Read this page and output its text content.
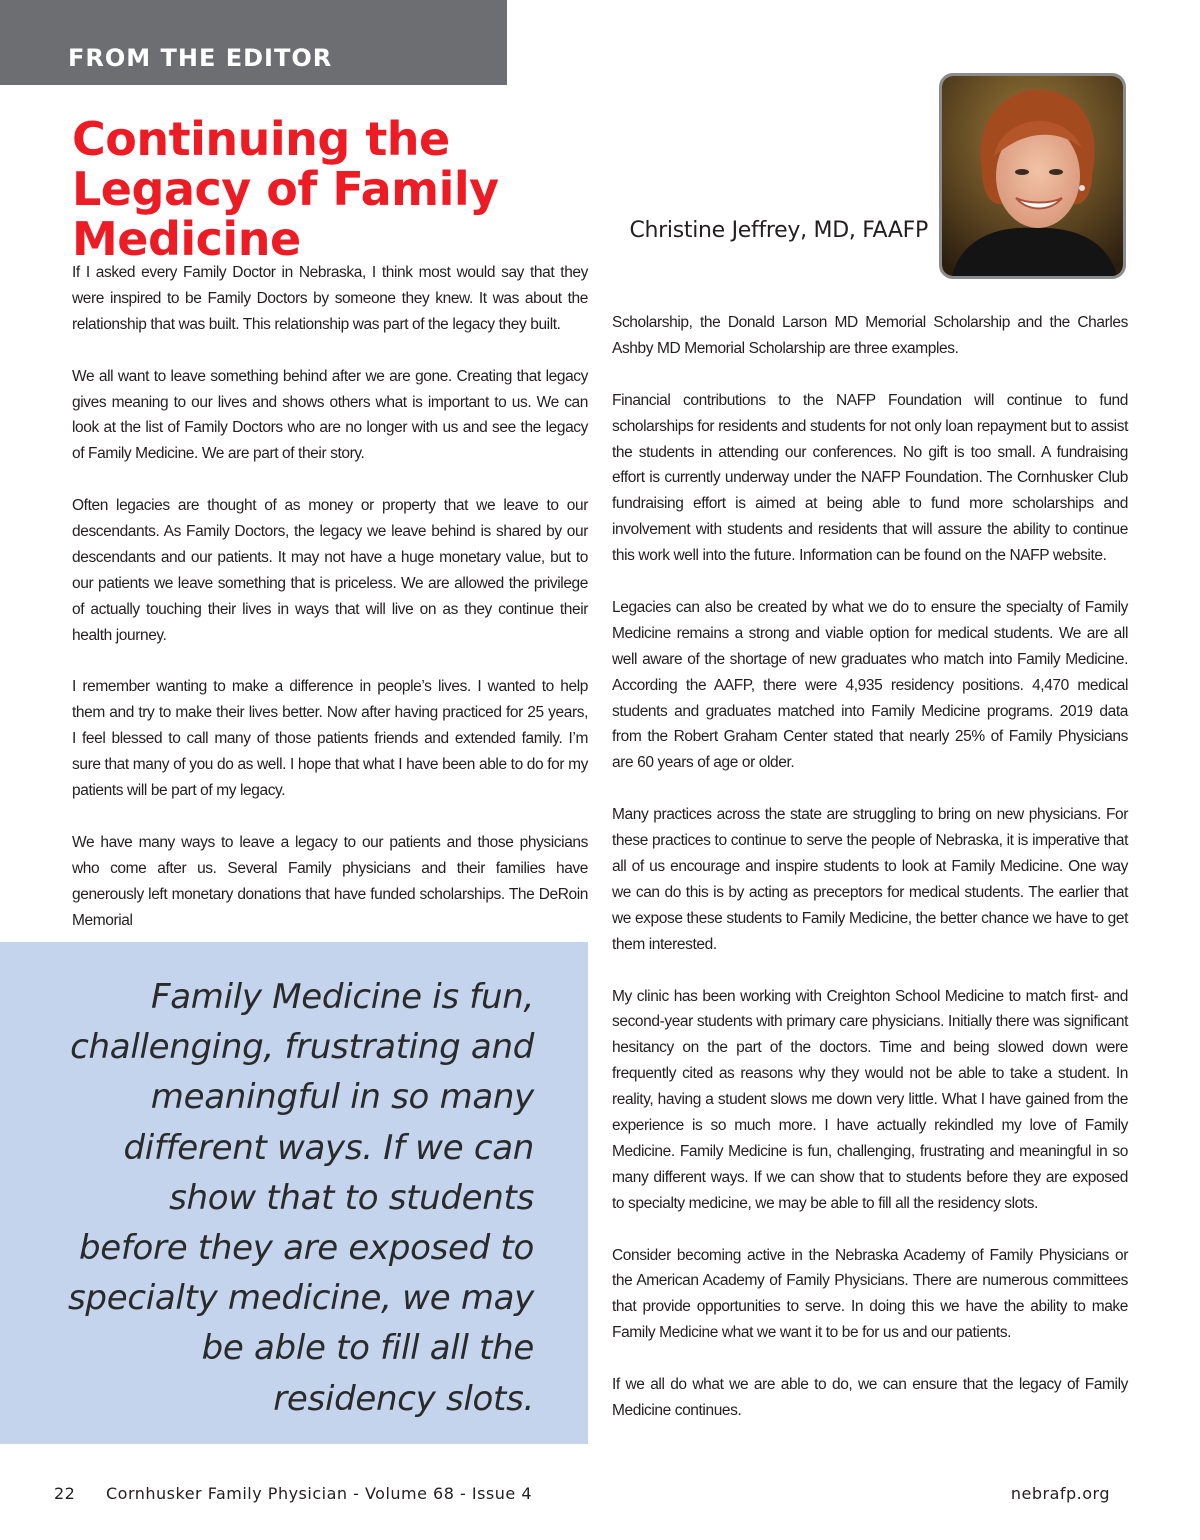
FROM THE EDITOR
Continuing the Legacy of Family Medicine	Christine Jeffrey, MD, FAAFP

If I asked every Family Doctor in Nebraska, I think most would say that they were inspired to be Family Doctors by someone they knew. It was about the relationship that was built. This relationship was part of the legacy they built.

We all want to leave something behind after we are gone. Creating that legacy gives meaning to our lives and shows others what is important to us. We can look at the list of Family Doctors who are no longer with us and see the legacy of Family Medicine. We are part of their story.

Often legacies are thought of as money or property that we leave to our descendants. As Family Doctors, the legacy we leave behind is shared by our descendants and our patients. It may not have a huge monetary value, but to our patients we leave something that is priceless. We are allowed the privilege of actually touching their lives in ways that will live on as they continue their health journey.

I remember wanting to make a difference in people’s lives. I wanted to help them and try to make their lives better. Now after having practiced for 25 years, I feel blessed to call many of those patients friends and extended family. I’m sure that many of you do as well. I hope that what I have been able to do for my patients will be part of my legacy.

We have many ways to leave a legacy to our patients and those physicians who come after us. Several Family physicians and their families have generously left monetary donations that have funded scholarships. The DeRoin Memorial

Scholarship, the Donald Larson MD Memorial Scholarship and the Charles Ashby MD Memorial Scholarship are three examples.

Financial contributions to the NAFP Foundation will continue to fund scholarships for residents and students for not only loan repayment but to assist the students in attending our conferences. No gift is too small. A fundraising effort is currently underway under the NAFP Foundation. The Cornhusker Club fundraising effort is aimed at being able to fund more scholarships and involvement with students and residents that will assure the ability to continue this work well into the future. Information can be found on the NAFP website.

Legacies can also be created by what we do to ensure the specialty of Family Medicine remains a strong and viable option for medical students. We are all well aware of the shortage of new graduates who match into Family Medicine. According the AAFP, there were 4,935 residency positions. 4,470 medical students and graduates matched into Family Medicine programs. 2019 data from the Robert Graham Center stated that nearly 25% of Family Physicians are 60 years of age or older.

Many practices across the state are struggling to bring on new physicians. For these practices to continue to serve the people of Nebraska, it is imperative that all of us encourage and inspire students to look at Family Medicine. One way we can do this is by acting as preceptors for medical students. The earlier that we expose these students to Family Medicine, the better chance we have to get them interested.

My clinic has been working with Creighton School Medicine to match first- and second-year students with primary care physicians. Initially there was significant hesitancy on the part of the doctors. Time and being slowed down were frequently cited as reasons why they would not be able to take a student. In reality, having a student slows me down very little. What I have gained from the experience is so much more. I have actually rekindled my love of Family Medicine. Family Medicine is fun, challenging, frustrating and meaningful in so many different ways. If we can show that to students before they are exposed to specialty medicine, we may be able to fill all the residency slots.

Consider becoming active in the Nebraska Academy of Family Physicians or the American Academy of Family Physicians. There are numerous committees that provide opportunities to serve. In doing this we have the ability to make Family Medicine what we want it to be for us and our patients.

If we all do what we are able to do, we can ensure that the legacy of Family Medicine continues.

Family Medicine is fun, challenging, frustrating and meaningful in so many different ways. If we can show that to students before they are exposed to specialty medicine, we may be able to fill all the residency slots.

22 Cornhusker Family Physician - Volume 68 - Issue 4	nebrafp.org
